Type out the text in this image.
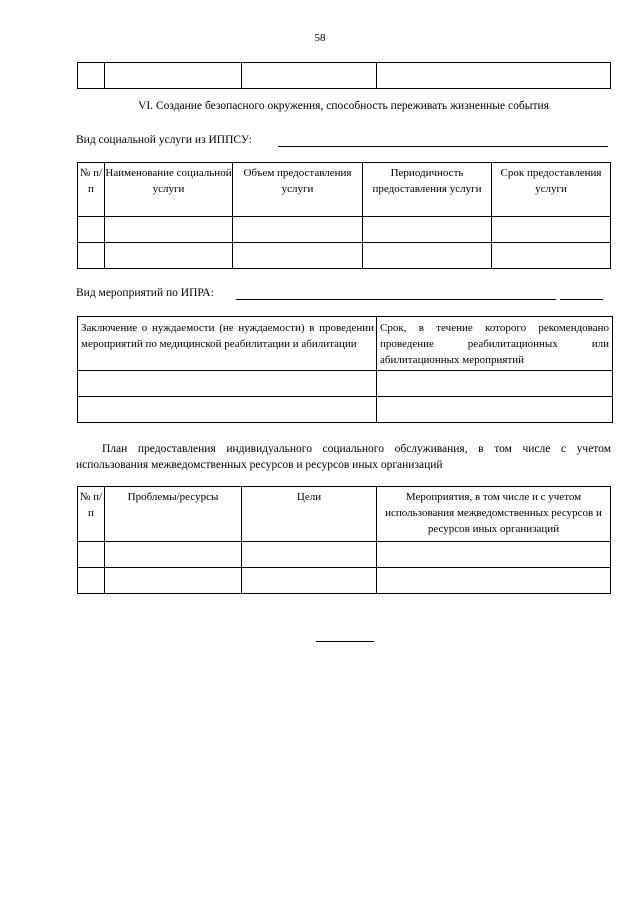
58

VI. Создание безопасного окружения, способность переживать жизненные события
Вид социальной услуги из ИППСУ:
№ п/п	Наименование социальной услуги	Объем предоставления услуги	Периодичность предоставления услуги	Срок предоставления услуги

Вид мероприятий по ИПРА:
Заключение о нуждаемости (не нуждаемости) в проведении мероприятий по медицинской реабилитации и абилитации	Срок, в течение которого рекомендовано проведение реабилитационных или абилитационных мероприятий

План предоставления индивидуального социального обслуживания, в том числе с учетом использования межведомственных ресурсов и ресурсов иных организаций
№ п/п	Проблемы/ресурсы	Цели	Мероприятия, в том числе и с учетом использования межведомственных ресурсов и ресурсов иных организаций
